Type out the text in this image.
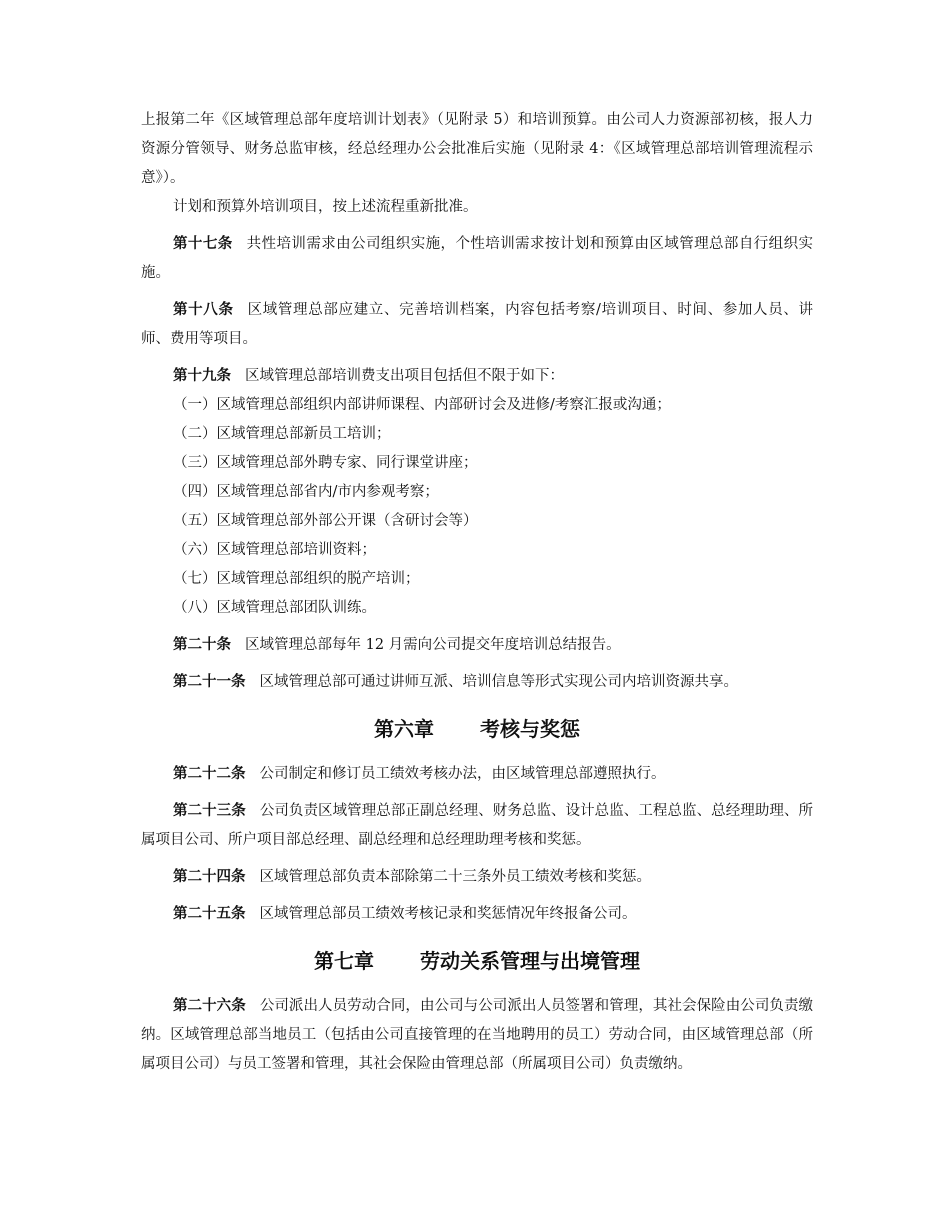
上报第二年《区域管理总部年度培训计划表》（见附录 5）和培训预算。由公司人力资源部初核，报人力资源分管领导、财务总监审核，经总经理办公会批准后实施（见附录 4：《区域管理总部培训管理流程示意》）。

计划和预算外培训项目，按上述流程重新批准。

第十七条 共性培训需求由公司组织实施，个性培训需求按计划和预算由区域管理总部自行组织实施。

第十八条 区域管理总部应建立、完善培训档案，内容包括考察/培训项目、时间、参加人员、讲师、费用等项目。

第十九条 区域管理总部培训费支出项目包括但不限于如下：

（一）区域管理总部组织内部讲师课程、内部研讨会及进修/考察汇报或沟通；

（二）区域管理总部新员工培训；

（三）区域管理总部外聘专家、同行课堂讲座；

（四）区域管理总部省内/市内参观考察；

（五）区域管理总部外部公开课（含研讨会等）

（六）区域管理总部培训资料；

（七）区域管理总部组织的脱产培训；

（八）区域管理总部团队训练。

第二十条 区域管理总部每年 12 月需向公司提交年度培训总结报告。

第二十一条 区域管理总部可通过讲师互派、培训信息等形式实现公司内培训资源共享。

第六章 考核与奖惩

第二十二条 公司制定和修订员工绩效考核办法，由区域管理总部遵照执行。

第二十三条 公司负责区域管理总部正副总经理、财务总监、设计总监、工程总监、总经理助理、所属项目公司、所户项目部总经理、副总经理和总经理助理考核和奖惩。

第二十四条 区域管理总部负责本部除第二十三条外员工绩效考核和奖惩。

第二十五条 区域管理总部员工绩效考核记录和奖惩情况年终报备公司。

第七章 劳动关系管理与出境管理

第二十六条 公司派出人员劳动合同，由公司与公司派出人员签署和管理，其社会保险由公司负责缴纳。区域管理总部当地员工（包括由公司直接管理的在当地聘用的员工）劳动合同，由区域管理总部（所属项目公司）与员工签署和管理，其社会保险由管理总部（所属项目公司）负责缴纳。
